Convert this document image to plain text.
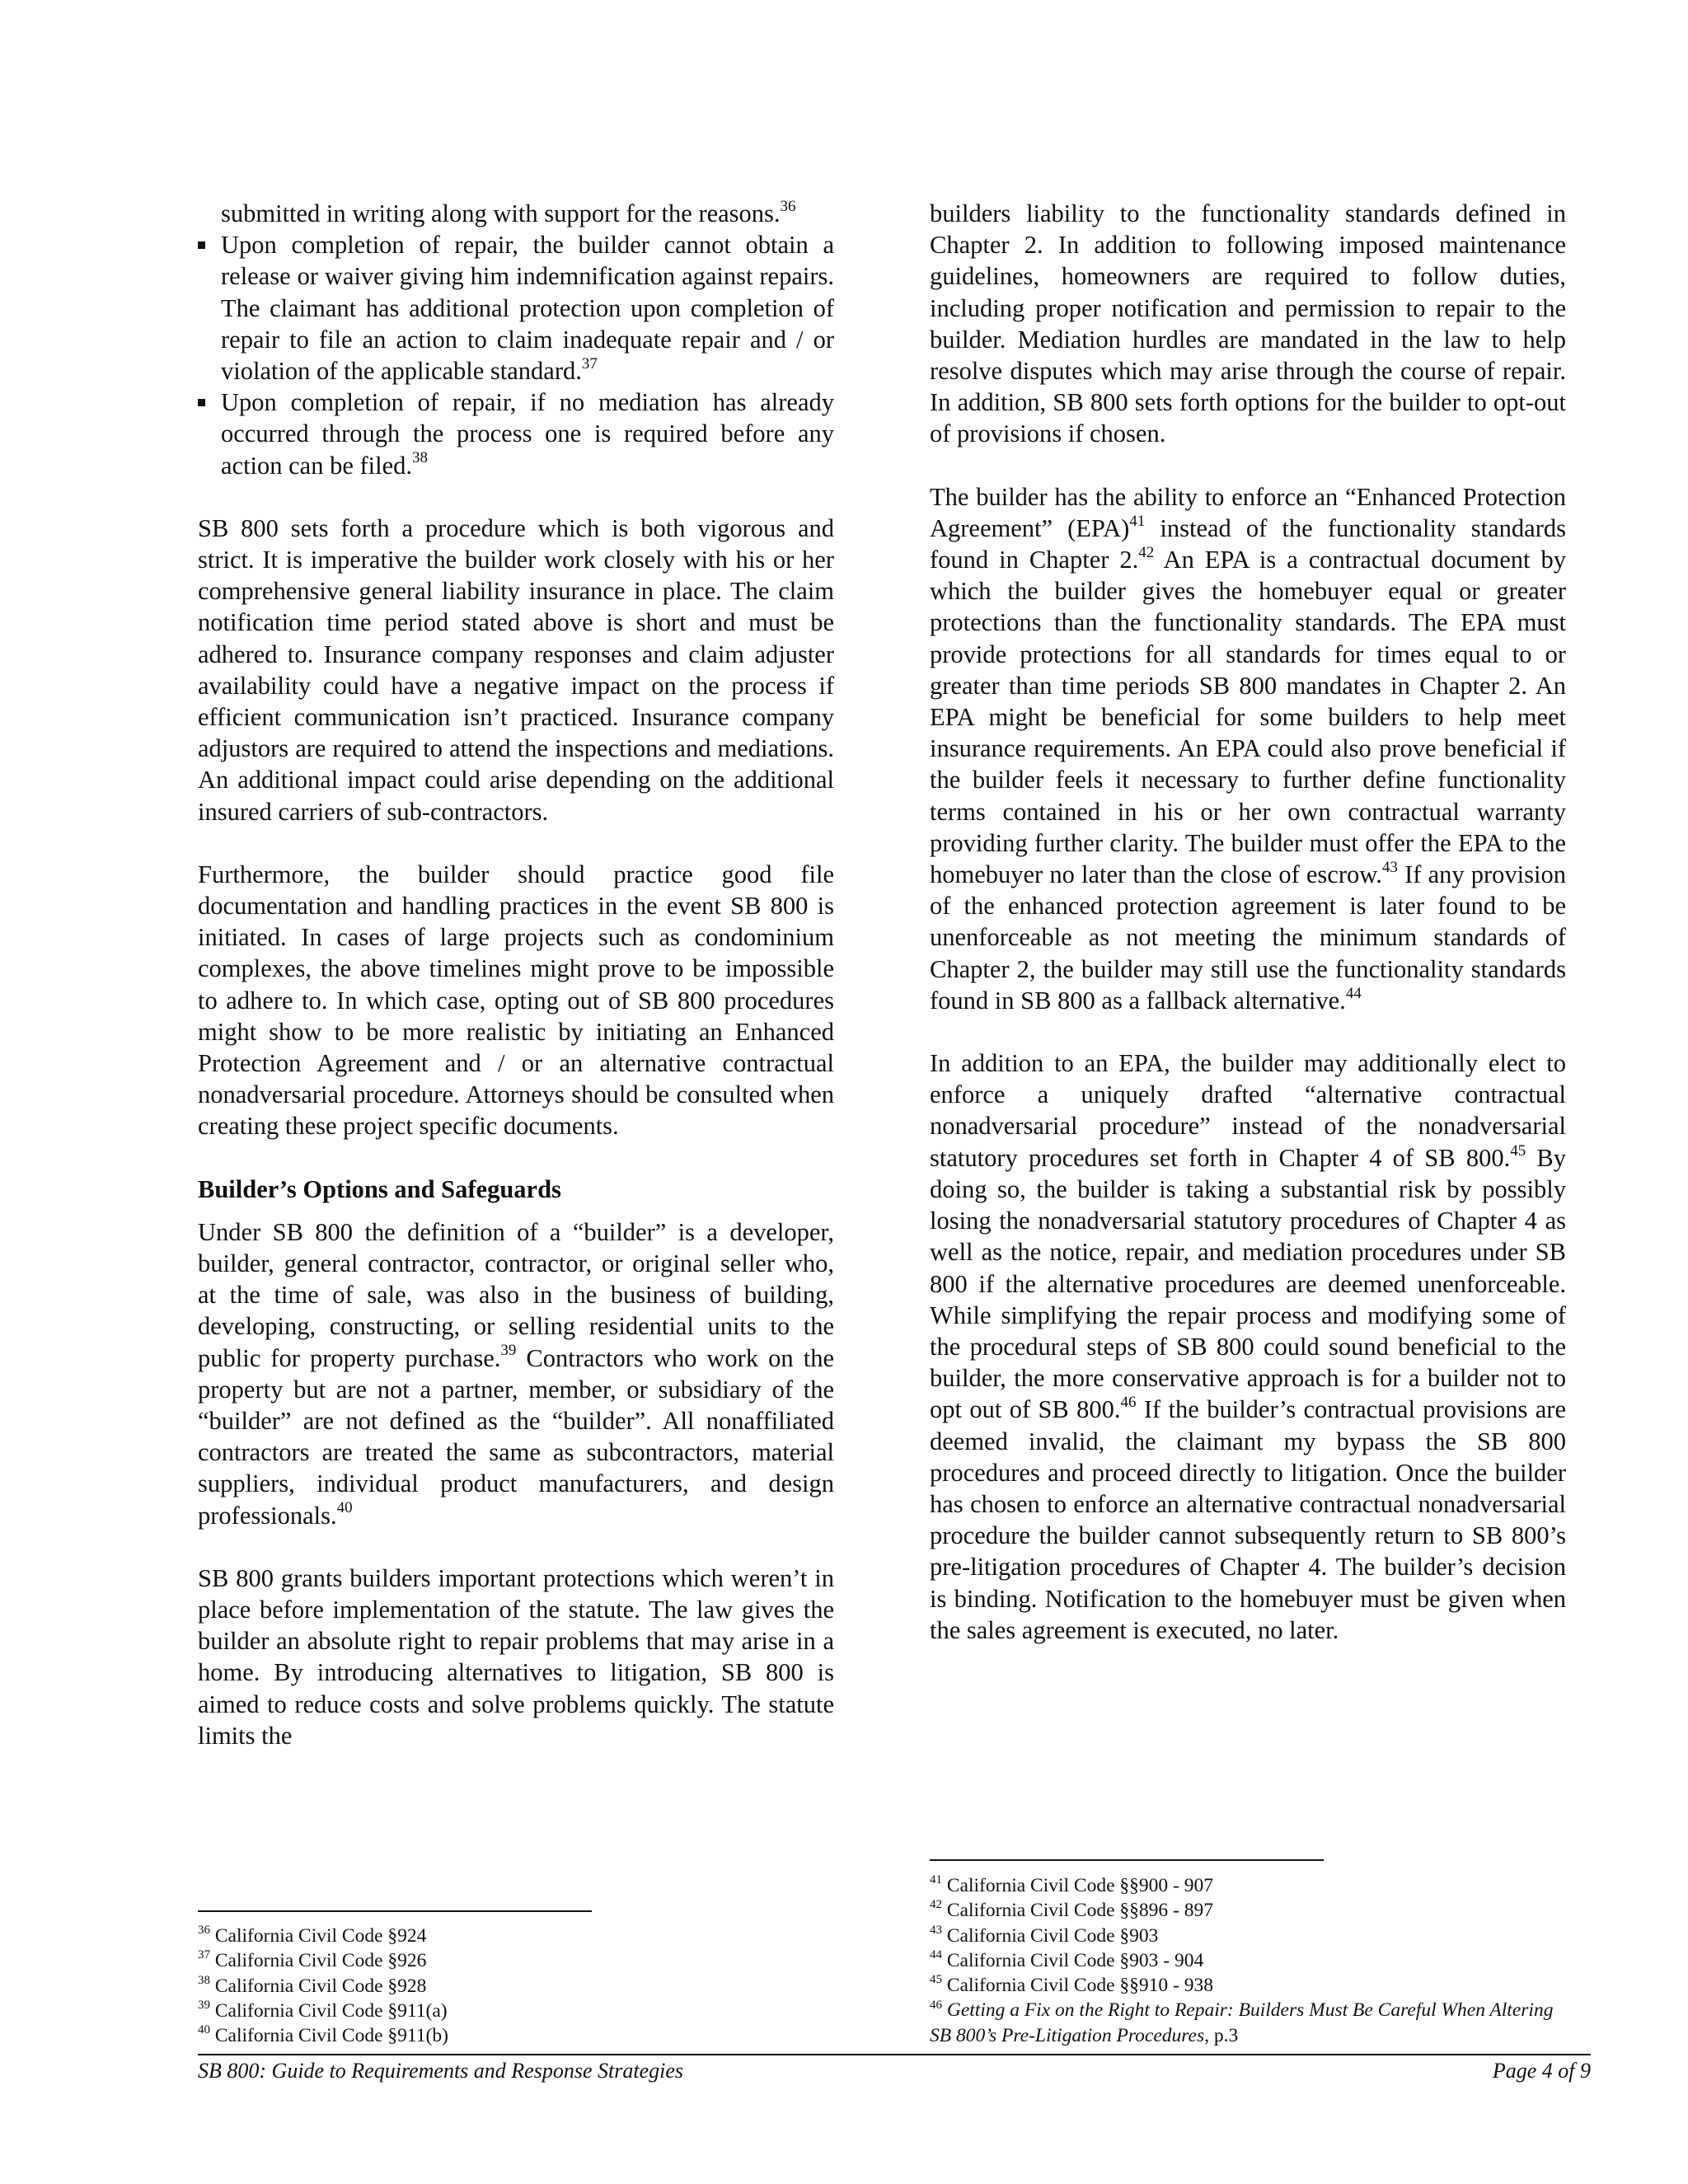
submitted in writing along with support for the reasons.$^{36}$
Upon completion of repair, the builder cannot obtain a release or waiver giving him indemnification against repairs. The claimant has additional protection upon completion of repair to file an action to claim inadequate repair and / or violation of the applicable standard.$^{37}$
Upon completion of repair, if no mediation has already occurred through the process one is required before any action can be filed.$^{38}$

SB 800 sets forth a procedure which is both vigorous and strict. It is imperative the builder work closely with his or her comprehensive general liability insurance in place. The claim notification time period stated above is short and must be adhered to. Insurance company responses and claim adjuster availability could have a negative impact on the process if efficient communication isn’t practiced. Insurance company adjustors are required to attend the inspections and mediations. An additional impact could arise depending on the additional insured carriers of sub-contractors.

Furthermore, the builder should practice good file documentation and handling practices in the event SB 800 is initiated. In cases of large projects such as condominium complexes, the above timelines might prove to be impossible to adhere to. In which case, opting out of SB 800 procedures might show to be more realistic by initiating an Enhanced Protection Agreement and / or an alternative contractual nonadversarial procedure. Attorneys should be consulted when creating these project specific documents.

Builder’s Options and Safeguards

Under SB 800 the definition of a “builder” is a developer, builder, general contractor, contractor, or original seller who, at the time of sale, was also in the business of building, developing, constructing, or selling residential units to the public for property purchase.$^{39}$ Contractors who work on the property but are not a partner, member, or subsidiary of the “builder” are not defined as the “builder”. All nonaffiliated contractors are treated the same as subcontractors, material suppliers, individual product manufacturers, and design professionals.$^{40}$

SB 800 grants builders important protections which weren’t in place before implementation of the statute. The law gives the builder an absolute right to repair problems that may arise in a home. By introducing alternatives to litigation, SB 800 is aimed to reduce costs and solve problems quickly. The statute limits the

builders liability to the functionality standards defined in Chapter 2. In addition to following imposed maintenance guidelines, homeowners are required to follow duties, including proper notification and permission to repair to the builder. Mediation hurdles are mandated in the law to help resolve disputes which may arise through the course of repair. In addition, SB 800 sets forth options for the builder to opt-out of provisions if chosen.

The builder has the ability to enforce an “Enhanced Protection Agreement” (EPA)$^{41}$ instead of the functionality standards found in Chapter 2.42 An EPA is a contractual document by which the builder gives the homebuyer equal or greater protections than the functionality standards. The EPA must provide protections for all standards for times equal to or greater than time periods SB 800 mandates in Chapter 2. An EPA might be beneficial for some builders to help meet insurance requirements. An EPA could also prove beneficial if the builder feels it necessary to further define functionality terms contained in his or her own contractual warranty providing further clarity. The builder must offer the EPA to the homebuyer no later than the close of escrow.$^{43}$ If any provision of the enhanced protection agreement is later found to be unenforceable as not meeting the minimum standards of Chapter 2, the builder may still use the functionality standards found in SB 800 as a fallback alternative.$^{44}$

In addition to an EPA, the builder may additionally elect to enforce a uniquely drafted “alternative contractual nonadversarial procedure” instead of the nonadversarial statutory procedures set forth in Chapter 4 of SB 800.45 By doing so, the builder is taking a substantial risk by possibly losing the nonadversarial statutory procedures of Chapter 4 as well as the notice, repair, and mediation procedures under SB 800 if the alternative procedures are deemed unenforceable. While simplifying the repair process and modifying some of the procedural steps of SB 800 could sound beneficial to the builder, the more conservative approach is for a builder not to opt out of SB 800.46 If the builder’s contractual provisions are deemed invalid, the claimant my bypass the SB 800 procedures and proceed directly to litigation. Once the builder has chosen to enforce an alternative contractual nonadversarial procedure the builder cannot subsequently return to SB 800’s pre-litigation procedures of Chapter 4. The builder’s decision is binding. Notification to the homebuyer must be given when the sales agreement is executed, no later.

$^{36}$ California Civil Code §924
$^{37}$ California Civil Code §926
$^{38}$ California Civil Code §928
$^{39}$ California Civil Code §911(a)
$^{40}$ California Civil Code §911(b)
$^{41}$ California Civil Code §§900 - 907
$^{42}$ California Civil Code §§896 - 897
$^{43}$ California Civil Code §903
$^{44}$ California Civil Code §903 - 904
$^{45}$ California Civil Code §§910 - 938
$^{46}$ Getting a Fix on the Right to Repair: Builders Must Be Careful When Altering SB 800’s Pre-Litigation Procedures, p.3
SB 800: Guide to Requirements and Response Strategies	Page 4 of 9
